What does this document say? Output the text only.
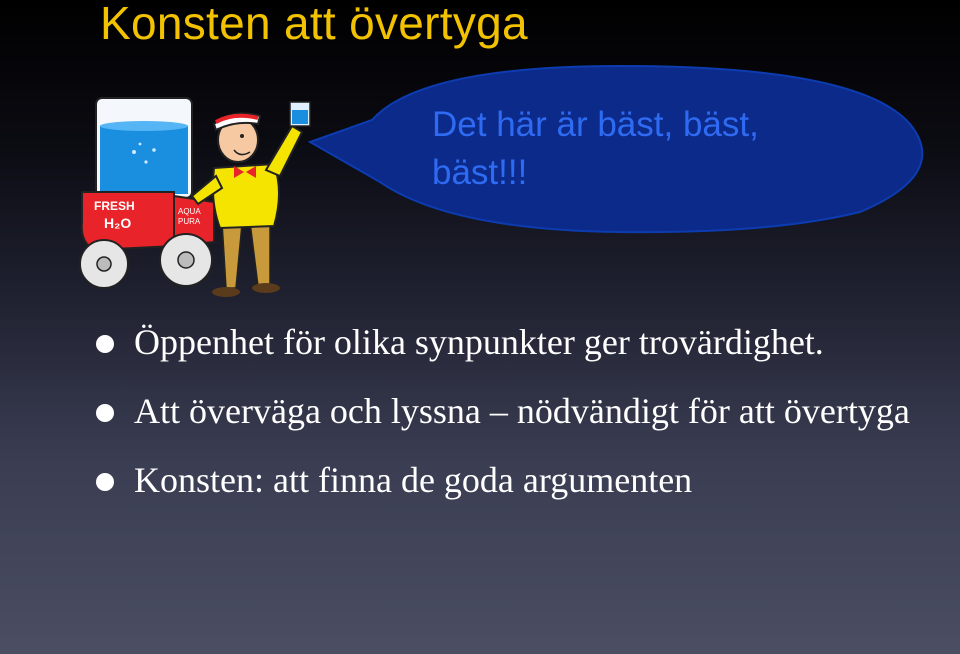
Konsten att övertyga
FRESH
H₂O
AQUA
PURA
Det här är bäst, bäst, bäst!!!
Öppenhet för olika synpunkter ger trovärdighet.
Att överväga och lyssna – nödvändigt för att övertyga
Konsten: att finna de goda argumenten
